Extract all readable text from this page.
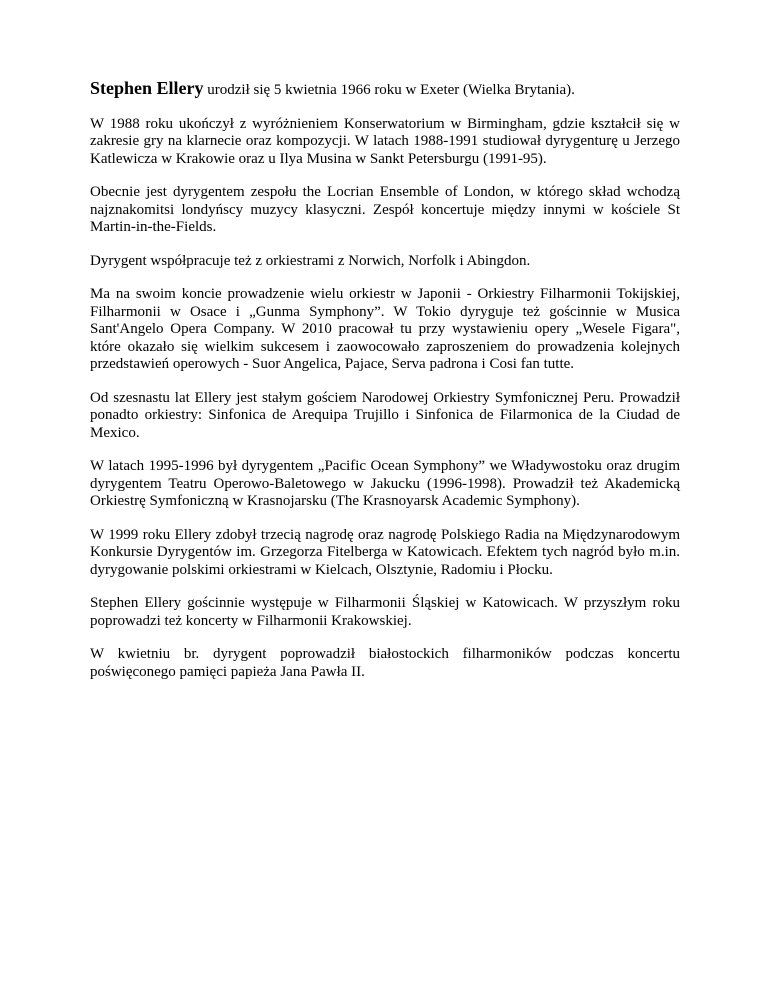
Stephen Ellery urodził się 5 kwietnia 1966 roku w Exeter (Wielka Brytania).

W 1988 roku ukończył z wyróżnieniem Konserwatorium w Birmingham, gdzie kształcił się w zakresie gry na klarnecie oraz kompozycji. W latach 1988-1991 studiował dyrygenturę u Jerzego Katlewicza w Krakowie oraz u Ilya Musina w Sankt Petersburgu (1991-95).

Obecnie jest dyrygentem zespołu the Locrian Ensemble of London, w którego skład wchodzą najznakomitsi londyńscy muzycy klasyczni. Zespół koncertuje między innymi w kościele St Martin-in-the-Fields.

Dyrygent współpracuje też z orkiestrami z Norwich, Norfolk i Abingdon.

Ma na swoim koncie prowadzenie wielu orkiestr w Japonii - Orkiestry Filharmonii Tokijskiej, Filharmonii w Osace i „Gunma Symphony”. W Tokio dyryguje też gościnnie w Musica Sant'Angelo Opera Company. W 2010 pracował tu przy wystawieniu opery „Wesele Figara", które okazało się wielkim sukcesem i zaowocowało zaproszeniem do prowadzenia kolejnych przedstawień operowych - Suor Angelica, Pajace, Serva padrona i Cosi fan tutte.

Od szesnastu lat Ellery jest stałym gościem Narodowej Orkiestry Symfonicznej Peru. Prowadził ponadto orkiestry: Sinfonica de Arequipa Trujillo i Sinfonica de Filarmonica de la Ciudad de Mexico.

W latach 1995-1996 był dyrygentem „Pacific Ocean Symphony” we Władywostoku oraz drugim dyrygentem Teatru Operowo-Baletowego w Jakucku (1996-1998). Prowadził też Akademicką Orkiestrę Symfoniczną w Krasnojarsku (The Krasnoyarsk Academic Symphony).

W 1999 roku Ellery zdobył trzecią nagrodę oraz nagrodę Polskiego Radia na Międzynarodowym Konkursie Dyrygentów im. Grzegorza Fitelberga w Katowicach. Efektem tych nagród było m.in. dyrygowanie polskimi orkiestrami w Kielcach, Olsztynie, Radomiu i Płocku.

Stephen Ellery gościnnie występuje w Filharmonii Śląskiej w Katowicach. W przyszłym roku poprowadzi też koncerty w Filharmonii Krakowskiej.

W kwietniu br. dyrygent poprowadził białostockich filharmoników podczas koncertu poświęconego pamięci papieża Jana Pawła II.
